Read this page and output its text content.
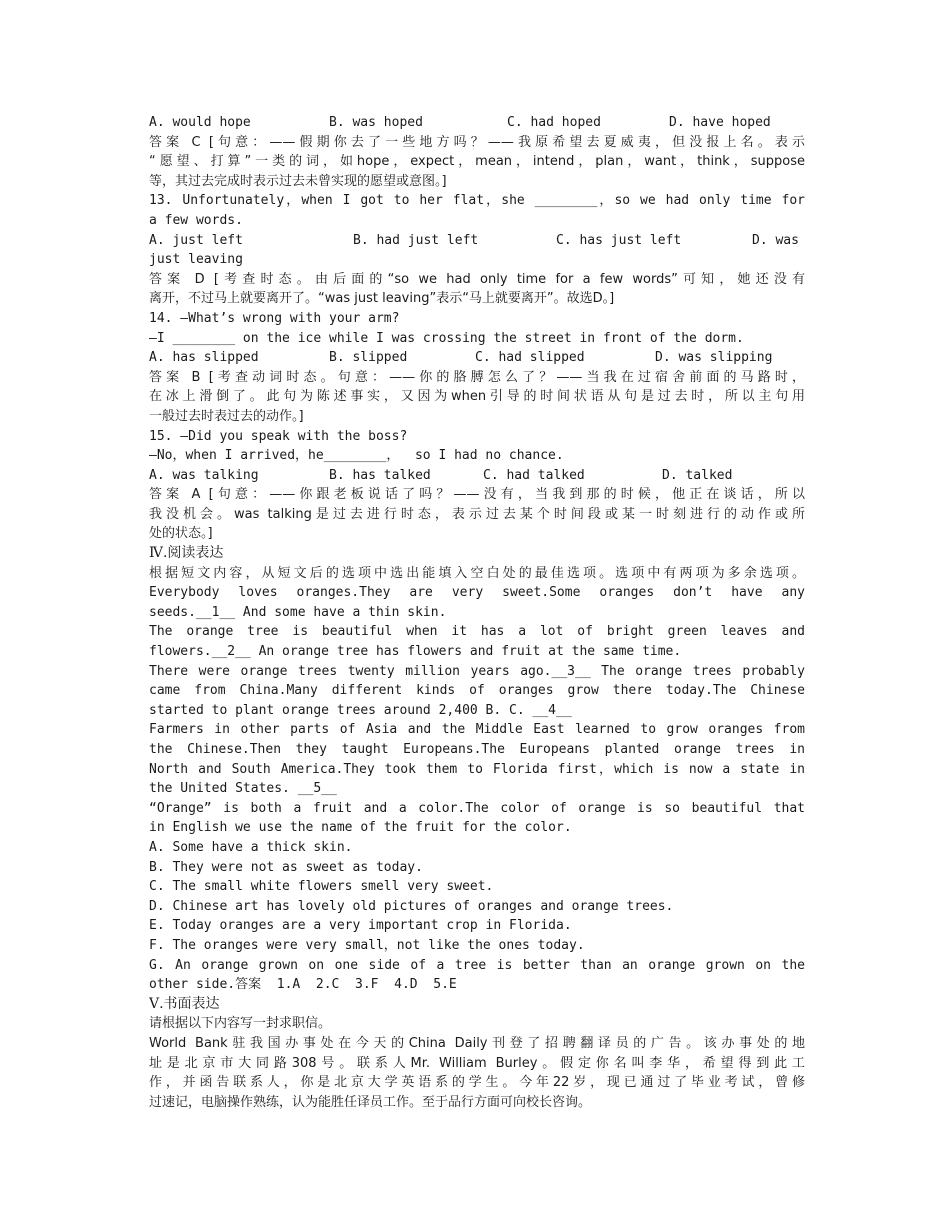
A. would hope	B. was hoped	C. had hoped	D. have hoped
答案 C [句意：——假期你去了一些地方吗？——我原希望去夏威夷，但没报上名。表示
“愿望、打算”一类的词，如hope，expect，mean，intend，plan，want，think，suppose
等，其过去完成时表示过去未曾实现的愿望或意图。]
13. Unfortunately，when I got to her flat，she ________，so we had only time for
a few words.
A. just left	B. had just left	C. has just left	D. was
just leaving
答案 D [考查时态。由后面的“so we had only time for a few words”可知，她还没有
离开，不过马上就要离开了。“was just leaving”表示“马上就要离开”。故选D。]
14. —What’s wrong with your arm?
—I ________ on the ice while I was crossing the street in front of the dorm.
A. has slipped	B. slipped	C. had slipped	D. was slipping
答案 B [考查动词时态。句意：——你的胳膊怎么了？——当我在过宿舍前面的马路时，
在冰上滑倒了。此句为陈述事实，又因为when引导的时间状语从句是过去时，所以主句用
一般过去时表过去的动作。]
15. —Did you speak with the boss?
—No，when I arrived，he________，  so I had no chance.
A. was talking	B. has talked	C. had talked	D. talked
答案 A [句意：——你跟老板说话了吗？——没有，当我到那的时候，他正在谈话，所以
我没机会。was talking是过去进行时态，表示过去某个时间段或某一时刻进行的动作或所
处的状态。]
Ⅳ.阅读表达
根据短文内容，从短文后的选项中选出能填入空白处的最佳选项。选项中有两项为多余选项。
Everybody loves oranges.They are very sweet.Some oranges don’t have any
seeds.__1__ And some have a thin skin.
The orange tree is beautiful when it has a lot of bright green leaves and
flowers.__2__ An orange tree has flowers and fruit at the same time.
There were orange trees twenty million years ago.__3__ The orange trees probably
came from China.Many different kinds of oranges grow there today.The Chinese
started to plant orange trees around 2,400 B. C. __4__
Farmers in other parts of Asia and the Middle East learned to grow oranges from
the Chinese.Then they taught Europeans.The Europeans planted orange trees in
North and South America.They took them to Florida first，which is now a state in
the United States. __5__
“Orange” is both a fruit and a color.The color of orange is so beautiful that
in English we use the name of the fruit for the color.
A. Some have a thick skin.
B. They were not as sweet as today.
C. The small white flowers smell very sweet.
D. Chinese art has lovely old pictures of oranges and orange trees.
E. Today oranges are a very important crop in Florida.
F. The oranges were very small，not like the ones today.
G. An orange grown on one side of a tree is better than an orange grown on the
other side.答案  1.A  2.C  3.F  4.D  5.E
Ⅴ.书面表达
请根据以下内容写一封求职信。
World Bank驻我国办事处在今天的China Daily刊登了招聘翻译员的广告。该办事处的地
址是北京市大同路308号。联系人Mr. William Burley。假定你名叫李华，希望得到此工
作，并函告联系人，你是北京大学英语系的学生。今年22岁，现已通过了毕业考试，曾修
过速记，电脑操作熟练，认为能胜任译员工作。至于品行方面可向校长咨询。
